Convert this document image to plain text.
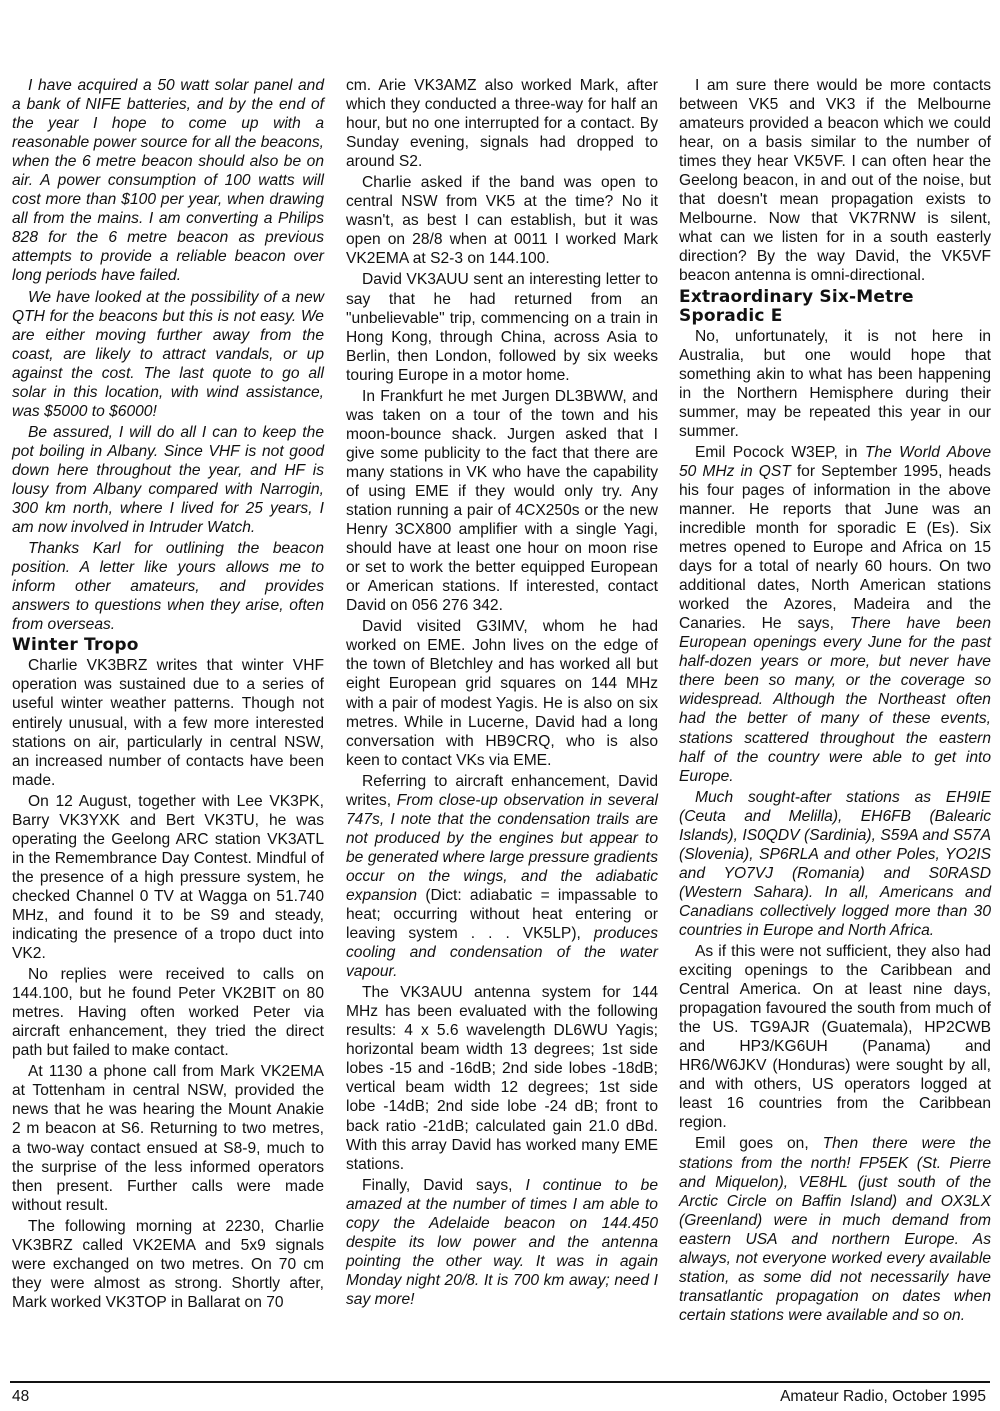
I have acquired a 50 watt solar panel and a bank of NIFE batteries, and by the end of the year I hope to come up with a reasonable power source for all the beacons, when the 6 metre beacon should also be on air. A power consumption of 100 watts will cost more than $100 per year, when drawing all from the mains. I am converting a Philips 828 for the 6 metre beacon as previous attempts to provide a reliable beacon over long periods have failed.

We have looked at the possibility of a new QTH for the beacons but this is not easy. We are either moving further away from the coast, are likely to attract vandals, or up against the cost. The last quote to go all solar in this location, with wind assistance, was $5000 to $6000!

Be assured, I will do all I can to keep the pot boiling in Albany. Since VHF is not good down here throughout the year, and HF is lousy from Albany compared with Narrogin, 300 km north, where I lived for 25 years, I am now involved in Intruder Watch.

Thanks Karl for outlining the beacon position. A letter like yours allows me to inform other amateurs, and provides answers to questions when they arise, often from overseas.

Winter Tropo

Charlie VK3BRZ writes that winter VHF operation was sustained due to a series of useful winter weather patterns. Though not entirely unusual, with a few more interested stations on air, particularly in central NSW, an increased number of contacts have been made.

On 12 August, together with Lee VK3PK, Barry VK3YXK and Bert VK3TU, he was operating the Geelong ARC station VK3ATL in the Remembrance Day Contest. Mindful of the presence of a high pressure system, he checked Channel 0 TV at Wagga on 51.740 MHz, and found it to be S9 and steady, indicating the presence of a tropo duct into VK2.

No replies were received to calls on 144.100, but he found Peter VK2BIT on 80 metres. Having often worked Peter via aircraft enhancement, they tried the direct path but failed to make contact.

At 1130 a phone call from Mark VK2EMA at Tottenham in central NSW, provided the news that he was hearing the Mount Anakie 2 m beacon at S6. Returning to two metres, a two-way contact ensued at S8-9, much to the surprise of the less informed operators then present. Further calls were made without result.

The following morning at 2230, Charlie VK3BRZ called VK2EMA and 5x9 signals were exchanged on two metres. On 70 cm they were almost as strong. Shortly after, Mark worked VK3TOP in Ballarat on 70

cm. Arie VK3AMZ also worked Mark, after which they conducted a three-way for half an hour, but no one interrupted for a contact. By Sunday evening, signals had dropped to around S2.

Charlie asked if the band was open to central NSW from VK5 at the time? No it wasn't, as best I can establish, but it was open on 28/8 when at 0011 I worked Mark VK2EMA at S2-3 on 144.100.

David VK3AUU sent an interesting letter to say that he had returned from an "unbelievable" trip, commencing on a train in Hong Kong, through China, across Asia to Berlin, then London, followed by six weeks touring Europe in a motor home.

In Frankfurt he met Jurgen DL3BWW, and was taken on a tour of the town and his moon-bounce shack. Jurgen asked that I give some publicity to the fact that there are many stations in VK who have the capability of using EME if they would only try. Any station running a pair of 4CX250s or the new Henry 3CX800 amplifier with a single Yagi, should have at least one hour on moon rise or set to work the better equipped European or American stations. If interested, contact David on 056 276 342.

David visited G3IMV, whom he had worked on EME. John lives on the edge of the town of Bletchley and has worked all but eight European grid squares on 144 MHz with a pair of modest Yagis. He is also on six metres. While in Lucerne, David had a long conversation with HB9CRQ, who is also keen to contact VKs via EME.

Referring to aircraft enhancement, David writes, From close-up observation in several 747s, I note that the condensation trails are not produced by the engines but appear to be generated where large pressure gradients occur on the wings, and the adiabatic expansion (Dict: adiabatic = impassable to heat; occurring without heat entering or leaving system . . . VK5LP), produces cooling and condensation of the water vapour.

The VK3AUU antenna system for 144 MHz has been evaluated with the following results: 4 x 5.6 wavelength DL6WU Yagis; horizontal beam width 13 degrees; 1st side lobes -15 and -16dB; 2nd side lobes -18dB; vertical beam width 12 degrees; 1st side lobe -14dB; 2nd side lobe -24 dB; front to back ratio -21dB; calculated gain 21.0 dBd. With this array David has worked many EME stations.

Finally, David says, I continue to be amazed at the number of times I am able to copy the Adelaide beacon on 144.450 despite its low power and the antenna pointing the other way. It was in again Monday night 20/8. It is 700 km away; need I say more!

I am sure there would be more contacts between VK5 and VK3 if the Melbourne amateurs provided a beacon which we could hear, on a basis similar to the number of times they hear VK5VF. I can often hear the Geelong beacon, in and out of the noise, but that doesn't mean propagation exists to Melbourne. Now that VK7RNW is silent, what can we listen for in a south easterly direction? By the way David, the VK5VF beacon antenna is omni-directional.

Extraordinary Six-Metre Sporadic E

No, unfortunately, it is not here in Australia, but one would hope that something akin to what has been happening in the Northern Hemisphere during their summer, may be repeated this year in our summer.

Emil Pocock W3EP, in The World Above 50 MHz in QST for September 1995, heads his four pages of information in the above manner. He reports that June was an incredible month for sporadic E (Es). Six metres opened to Europe and Africa on 15 days for a total of nearly 60 hours. On two additional dates, North American stations worked the Azores, Madeira and the Canaries. He says, There have been European openings every June for the past half-dozen years or more, but never have there been so many, or the coverage so widespread. Although the Northeast often had the better of many of these events, stations scattered throughout the eastern half of the country were able to get into Europe.

Much sought-after stations as EH9IE (Ceuta and Melilla), EH6FB (Balearic Islands), IS0QDV (Sardinia), S59A and S57A (Slovenia), SP6RLA and other Poles, YO2IS and YO7VJ (Romania) and S0RASD (Western Sahara). In all, Americans and Canadians collectively logged more than 30 countries in Europe and North Africa.

As if this were not sufficient, they also had exciting openings to the Caribbean and Central America. On at least nine days, propagation favoured the south from much of the US. TG9AJR (Guatemala), HP2CWB and HP3/KG6UH (Panama) and HR6/W6JKV (Honduras) were sought by all, and with others, US operators logged at least 16 countries from the Caribbean region.

Emil goes on, Then there were the stations from the north! FP5EK (St. Pierre and Miquelon), VE8HL (just south of the Arctic Circle on Baffin Island) and OX3LX (Greenland) were in much demand from eastern USA and northern Europe. As always, not everyone worked every available station, as some did not necessarily have transatlantic propagation on dates when certain stations were available and so on.

48	Amateur Radio, October 1995
